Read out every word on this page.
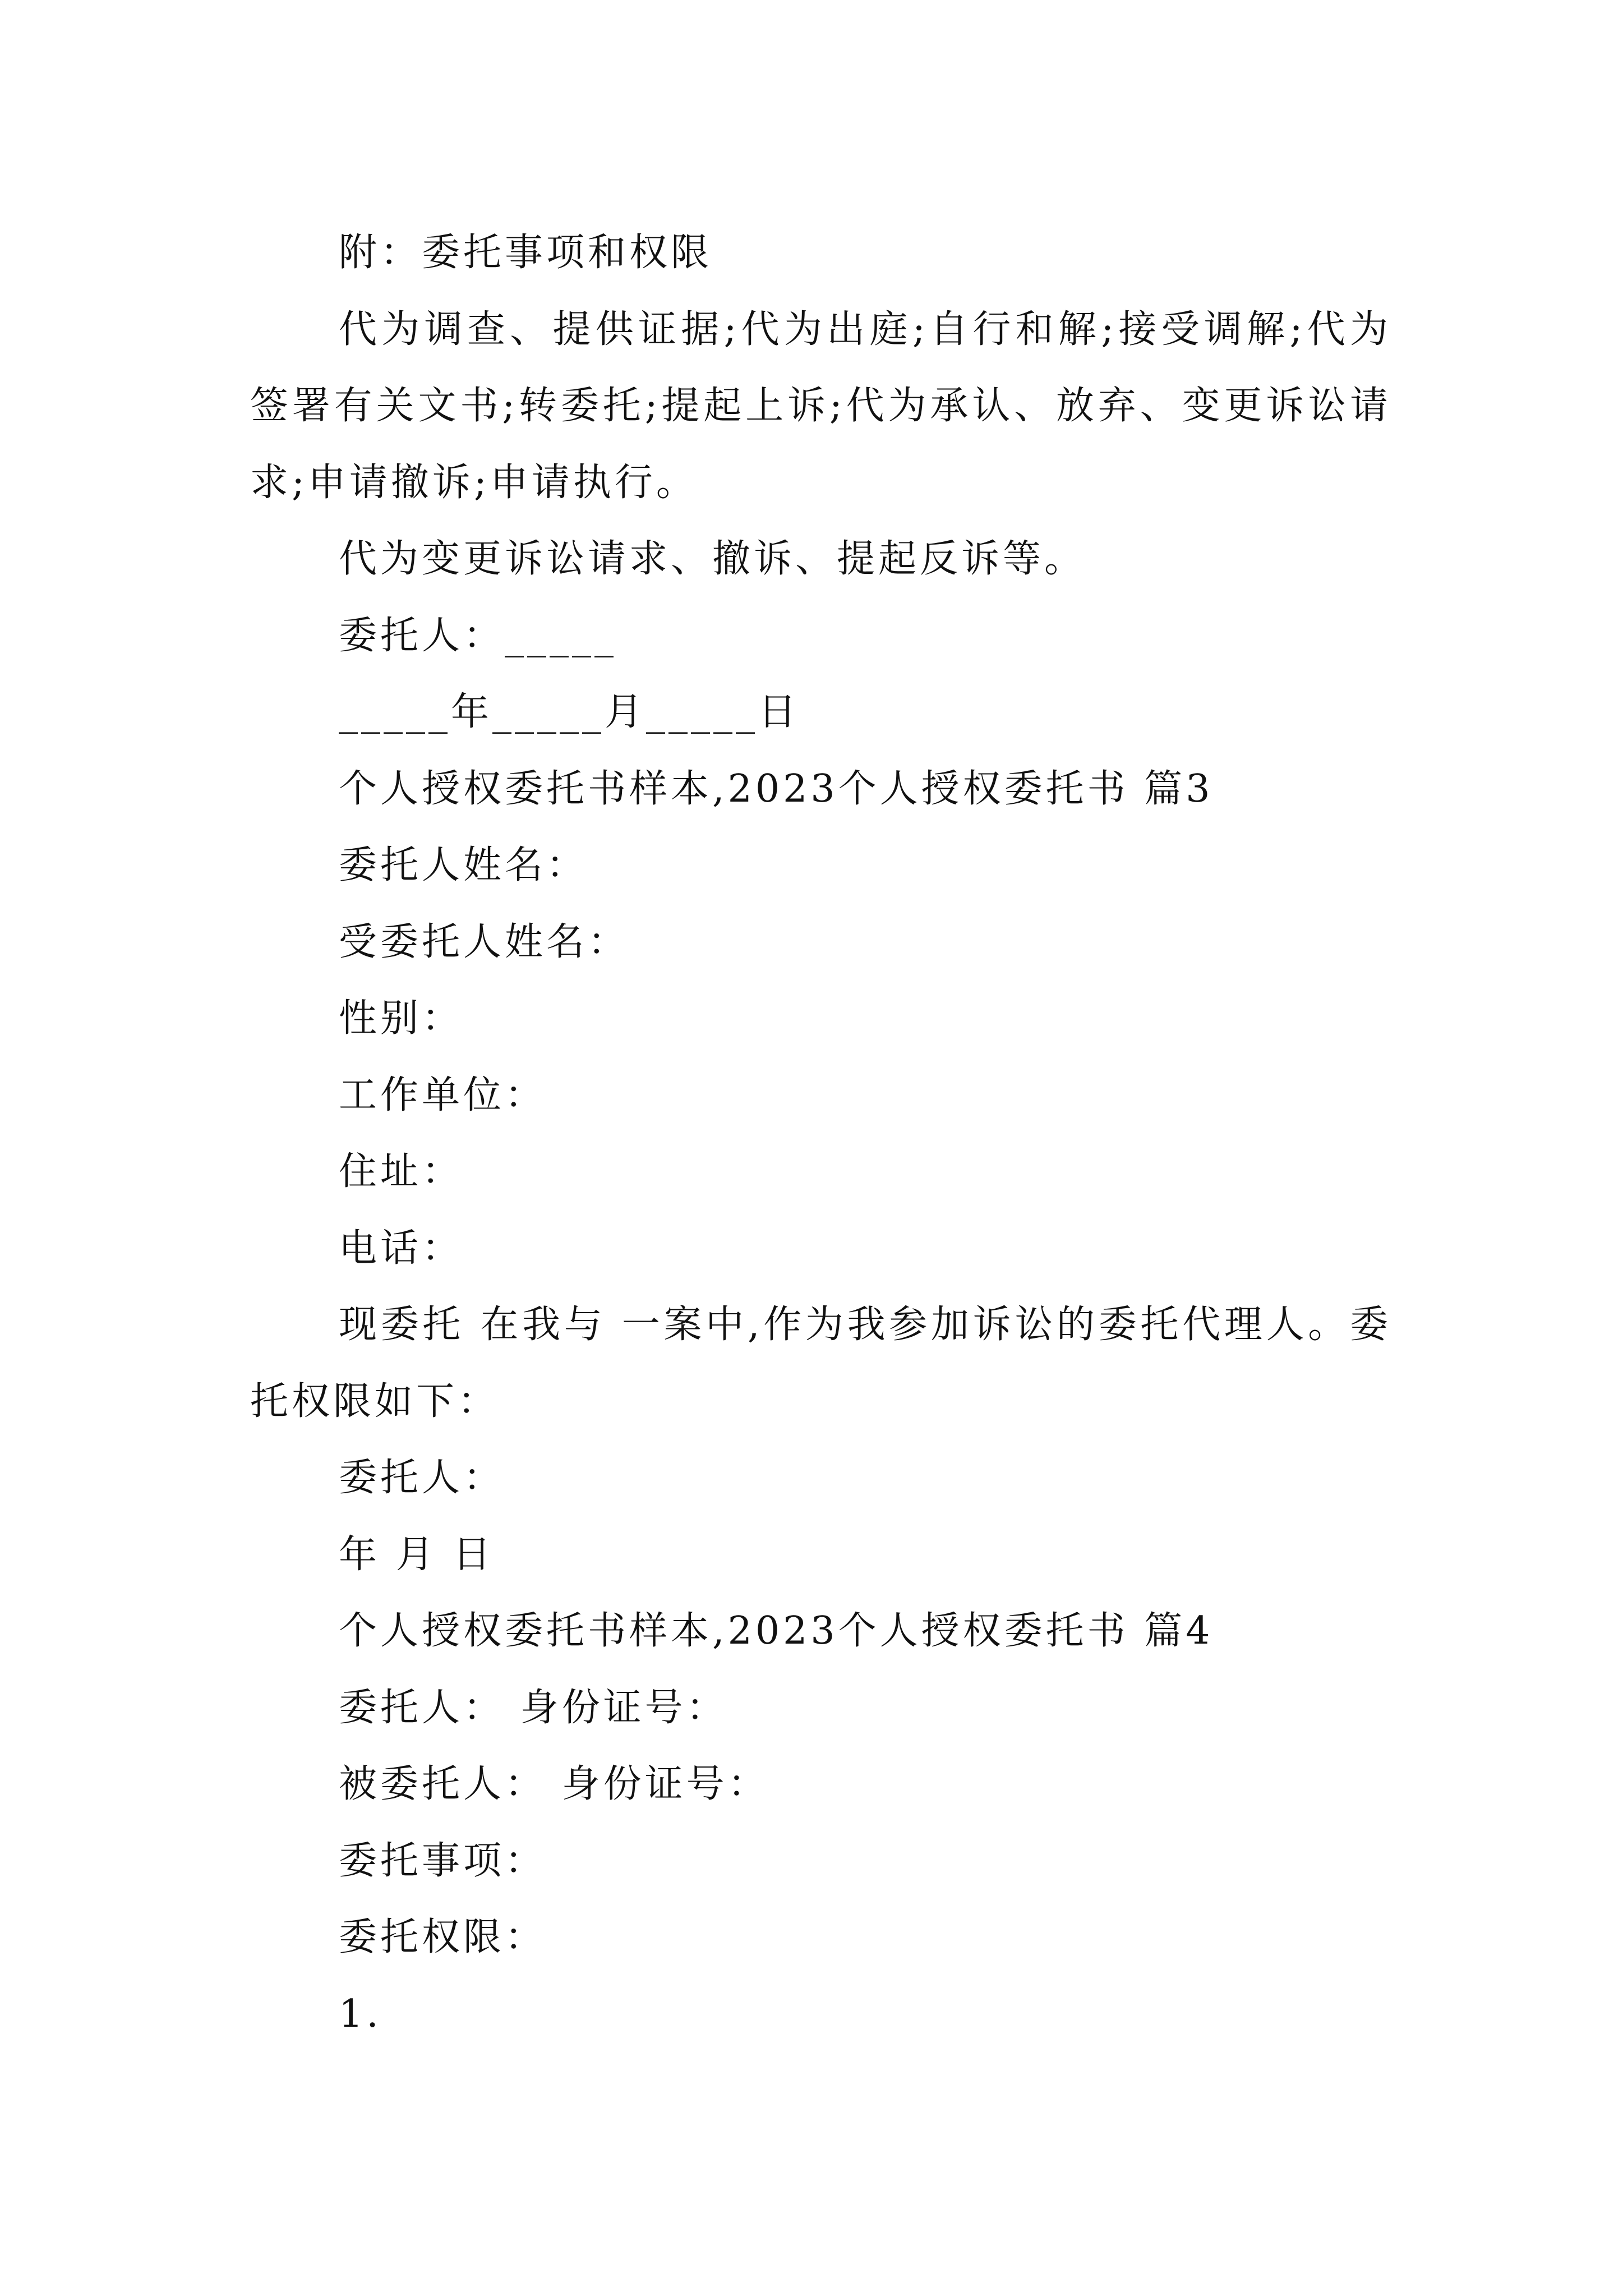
附：委托事项和权限
代为调查、提供证据;代为出庭;自行和解;接受调解;代为签署有关文书;转委托;提起上诉;代为承认、放弃、变更诉讼请求;申请撤诉;申请执行。
代为变更诉讼请求、撤诉、提起反诉等。
委托人：_____
_____年_____月_____日
个人授权委托书样本,2023个人授权委托书 篇3
委托人姓名：
受委托人姓名：
性别：
工作单位：
住址：
电话：
现委托 在我与 一案中,作为我参加诉讼的委托代理人。委托权限如下：
委托人：
年 月 日
个人授权委托书样本,2023个人授权委托书 篇4
委托人： 身份证号：
被委托人： 身份证号：
委托事项：
委托权限：
1.
